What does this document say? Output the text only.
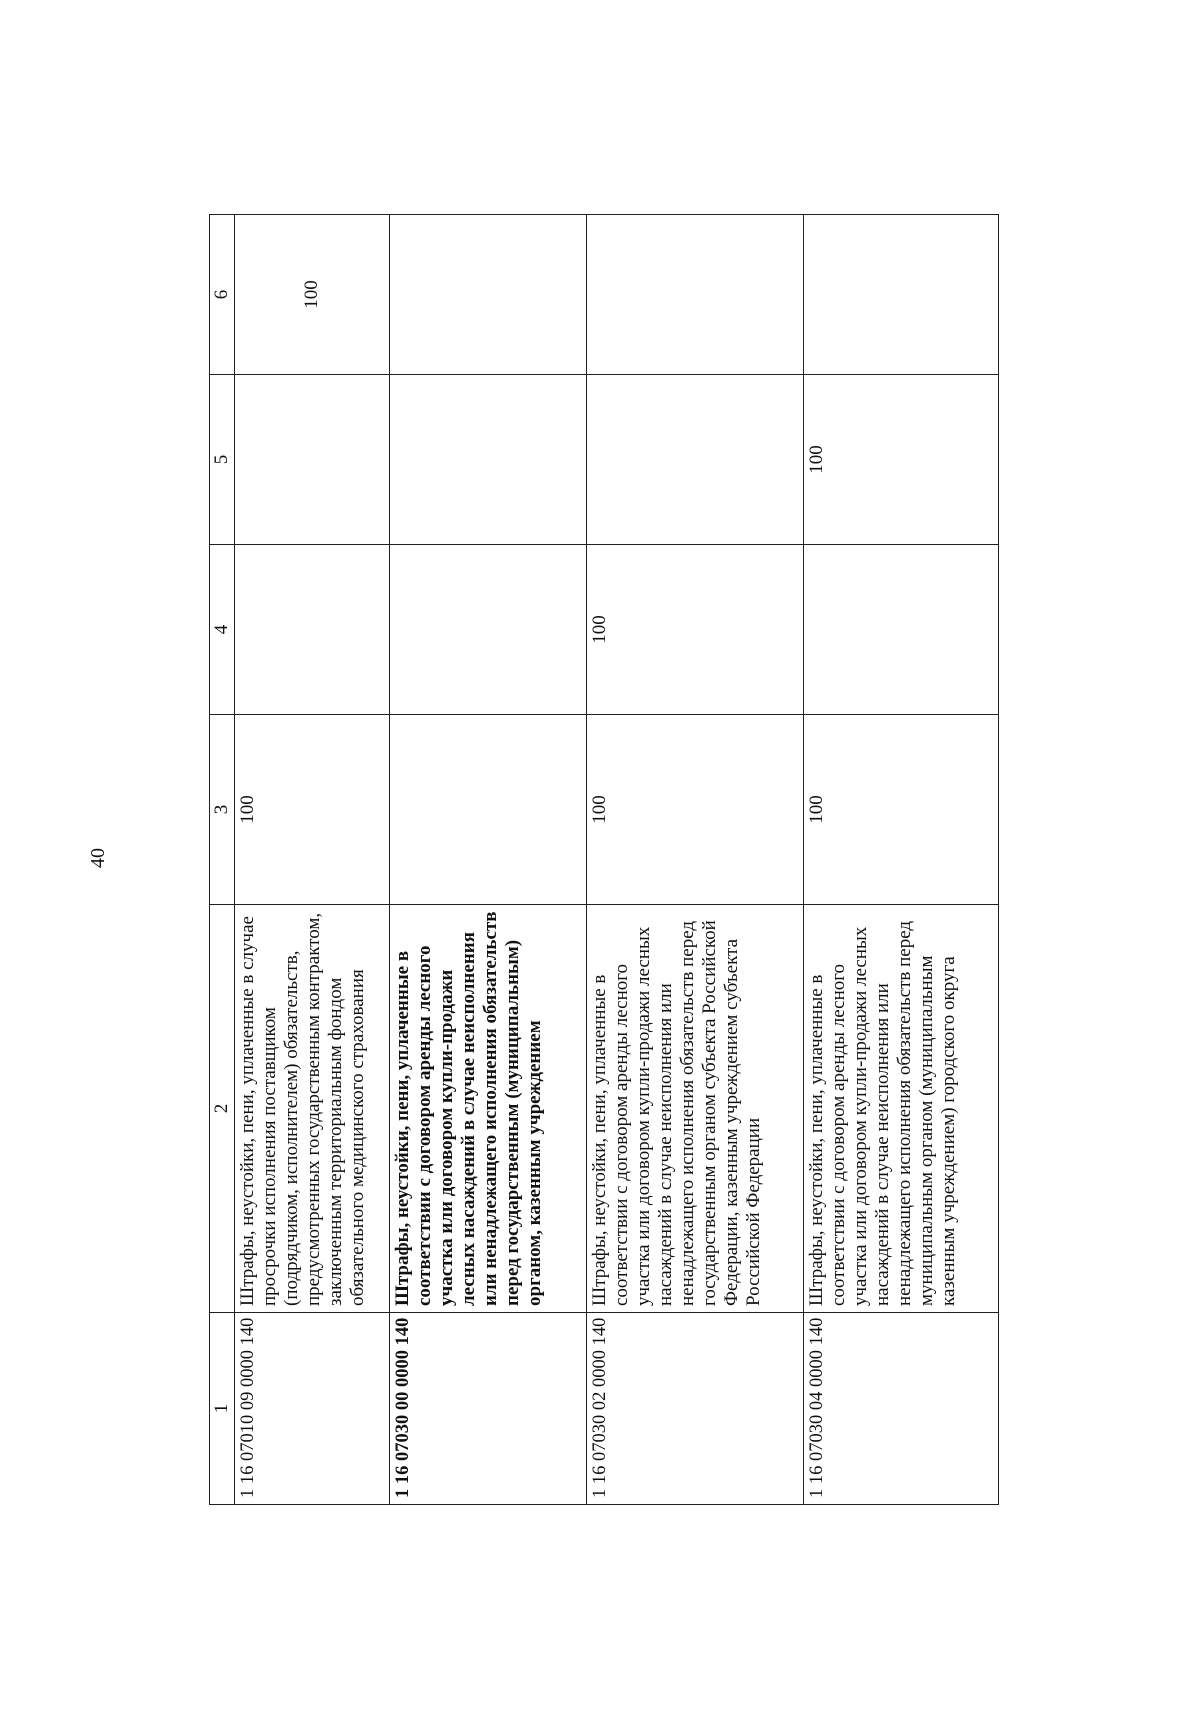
40
1	2	3	4	5	6
1 16 07010 09 0000 140	Штрафы, неустойки, пени, уплаченные в случае просрочки исполнения поставщиком (подрядчиком, исполнителем) обязательств, предусмотренных государственным контрактом, заключенным территориальным фондом обязательного медицинского страхования	100			100
1 16 07030 00 0000 140	Штрафы, неустойки, пени, уплаченные в соответствии с договором аренды лесного участка или договором купли-продажи лесных насаждений в случае неисполнения или ненадлежащего исполнения обязательств перед государственным (муниципальным) органом, казенным учреждением				
1 16 07030 02 0000 140	Штрафы, неустойки, пени, уплаченные в соответствии с договором аренды лесного участка или договором купли-продажи лесных насаждений в случае неисполнения или ненадлежащего исполнения обязательств перед государственным органом субъекта Российской Федерации, казенным учреждением субъекта Российской Федерации	100	100		
1 16 07030 04 0000 140	Штрафы, неустойки, пени, уплаченные в соответствии с договором аренды лесного участка или договором купли-продажи лесных насаждений в случае неисполнения или ненадлежащего исполнения обязательств перед муниципальным органом (муниципальным казенным учреждением) городского округа	100		100	
